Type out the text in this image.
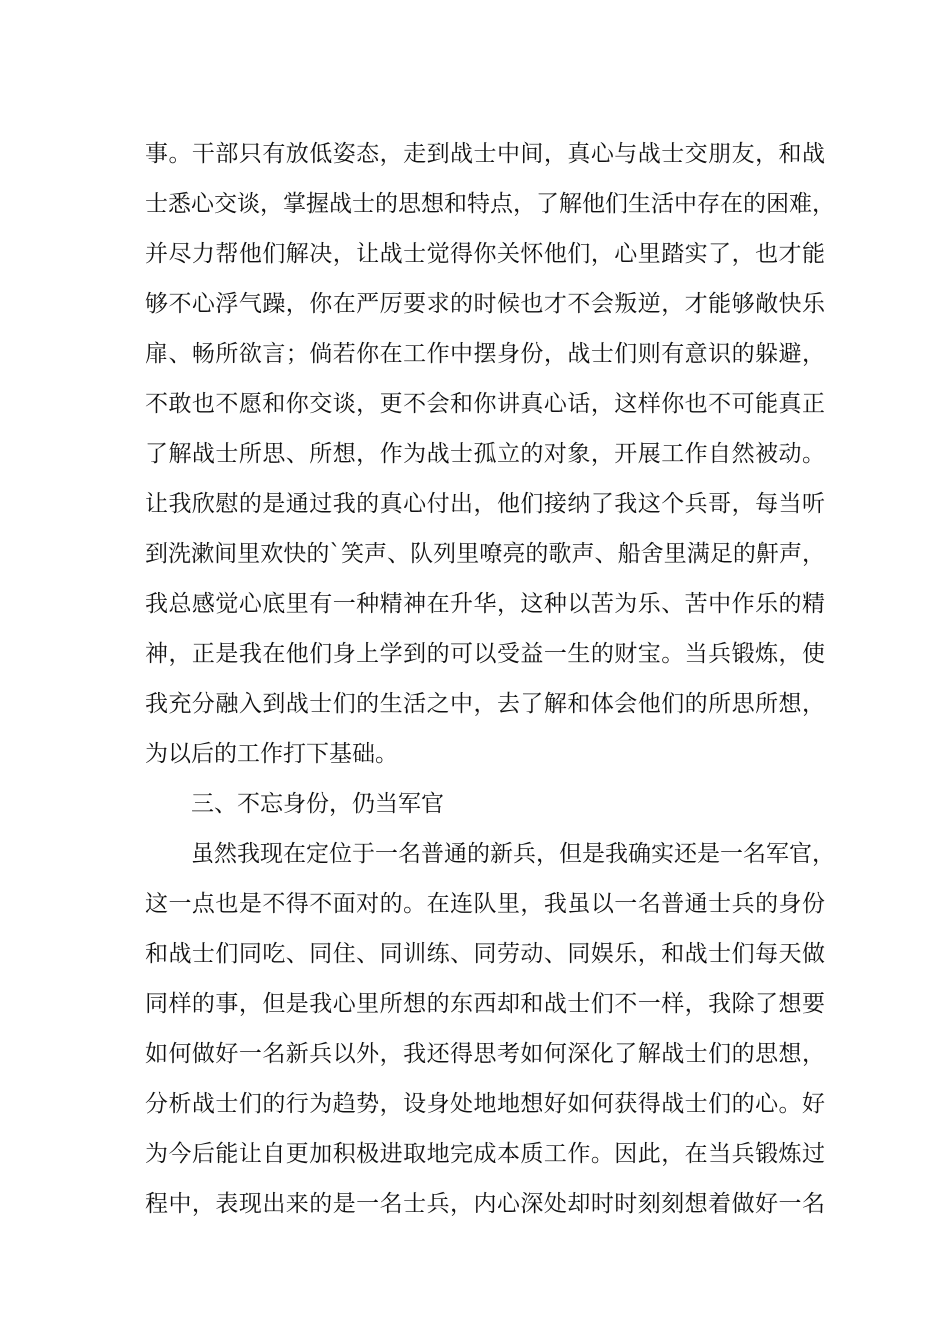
事。干部只有放低姿态，走到战士中间，真心与战士交朋友，和战
士悉心交谈，掌握战士的思想和特点，了解他们生活中存在的困难，
并尽力帮他们解决，让战士觉得你关怀他们，心里踏实了，也才能
够不心浮气躁，你在严厉要求的时候也才不会叛逆，才能够敞快乐
扉、畅所欲言；倘若你在工作中摆身份，战士们则有意识的躲避，
不敢也不愿和你交谈，更不会和你讲真心话，这样你也不可能真正
了解战士所思、所想，作为战士孤立的对象，开展工作自然被动。
让我欣慰的是通过我的真心付出，他们接纳了我这个兵哥，每当听
到洗漱间里欢快的`笑声、队列里嘹亮的歌声、船舍里满足的鼾声，
我总感觉心底里有一种精神在升华，这种以苦为乐、苦中作乐的精
神，正是我在他们身上学到的可以受益一生的财宝。当兵锻炼，使
我充分融入到战士们的生活之中，去了解和体会他们的所思所想，
为以后的工作打下基础。
三、不忘身份，仍当军官
虽然我现在定位于一名普通的新兵，但是我确实还是一名军官，
这一点也是不得不面对的。在连队里，我虽以一名普通士兵的身份
和战士们同吃、同住、同训练、同劳动、同娱乐，和战士们每天做
同样的事，但是我心里所想的东西却和战士们不一样，我除了想要
如何做好一名新兵以外，我还得思考如何深化了解战士们的思想，
分析战士们的行为趋势，设身处地地想好如何获得战士们的心。好
为今后能让自更加积极进取地完成本质工作。因此，在当兵锻炼过
程中，表现出来的是一名士兵，内心深处却时时刻刻想着做好一名
